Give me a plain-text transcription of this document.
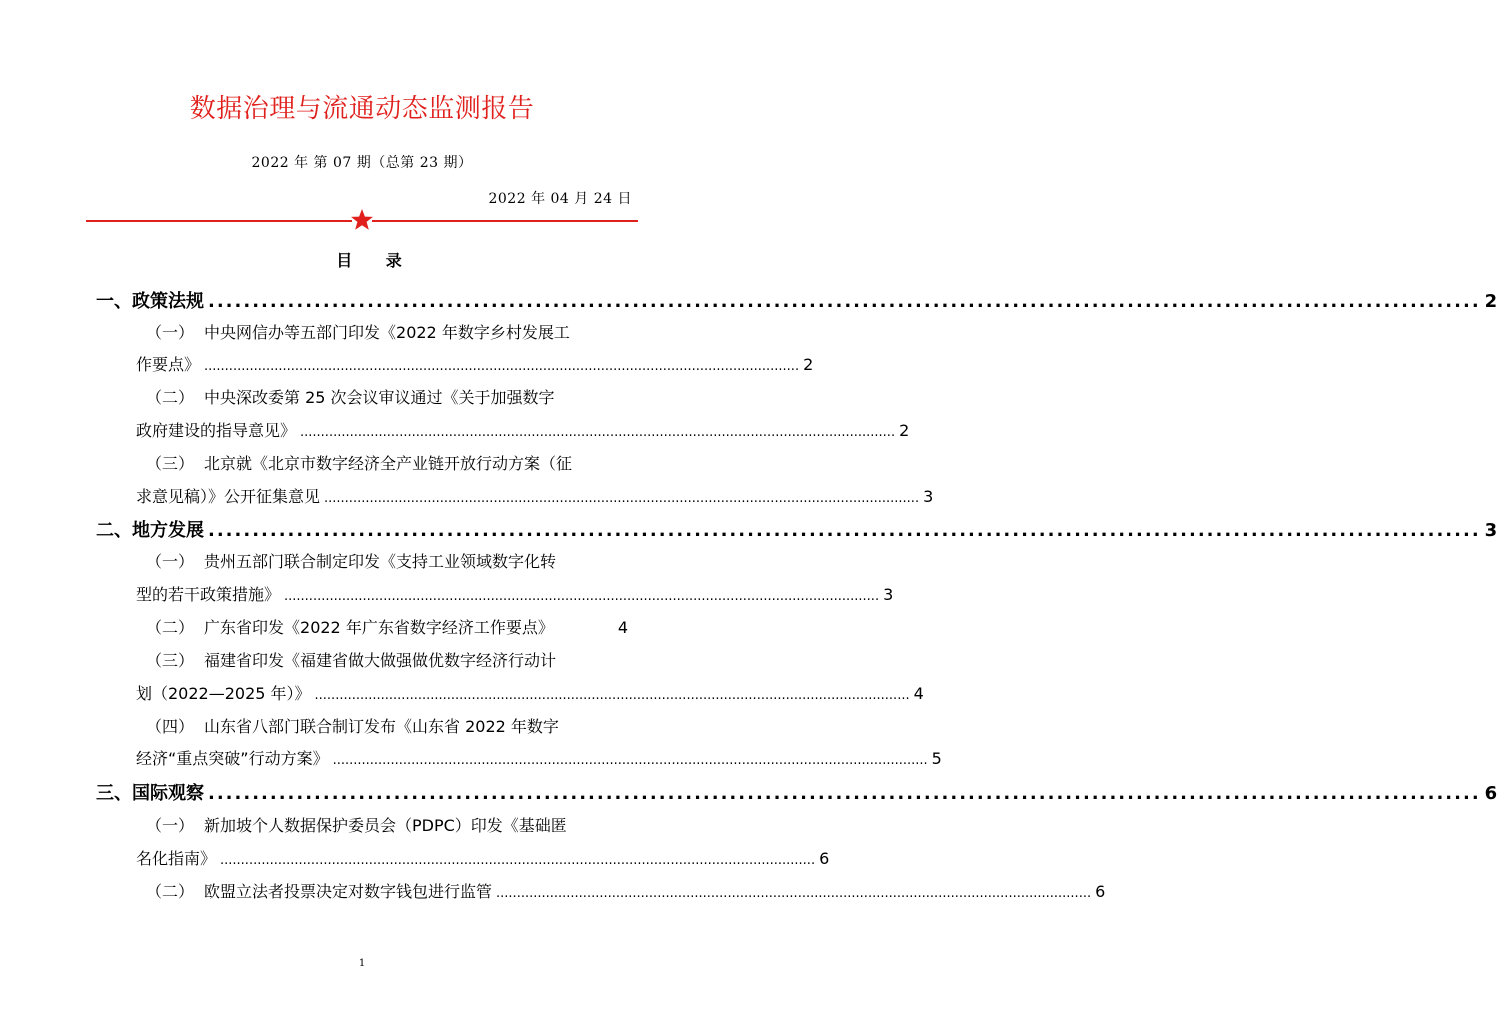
数据治理与流通动态监测报告
2022 年 第 07 期（总第 23 期）
2022 年 04 月 24 日
目 录
一、 政策法规 ................................................................................................................................................ 2
（一） 中央网信办等五部门印发《2022 年数字乡村发展工
作要点》 ................................................................................................................................................ 2
（二） 中央深改委第 25 次会议审议通过《关于加强数字
政府建设的指导意见》 ................................................................................................................................................ 2
（三） 北京就《北京市数字经济全产业链开放行动方案（征
求意见稿）》公开征集意见 ................................................................................................................................................ 3
二、 地方发展 ................................................................................................................................................ 3
（一） 贵州五部门联合制定印发《支持工业领域数字化转
型的若干政策措施》 ................................................................................................................................................ 3
（二） 广东省印发《2022 年广东省数字经济工作要点》	4
（三） 福建省印发《福建省做大做强做优数字经济行动计
划（2022—2025 年）》 ................................................................................................................................................ 4
（四） 山东省八部门联合制订发布《山东省 2022 年数字
经济“重点突破”行动方案》 ................................................................................................................................................ 5
三、 国际观察 ................................................................................................................................................ 6
（一） 新加坡个人数据保护委员会（PDPC）印发《基础匿
名化指南》 ................................................................................................................................................ 6
（二） 欧盟立法者投票决定对数字钱包进行监管 ................................................................................................................................................ 6
1
